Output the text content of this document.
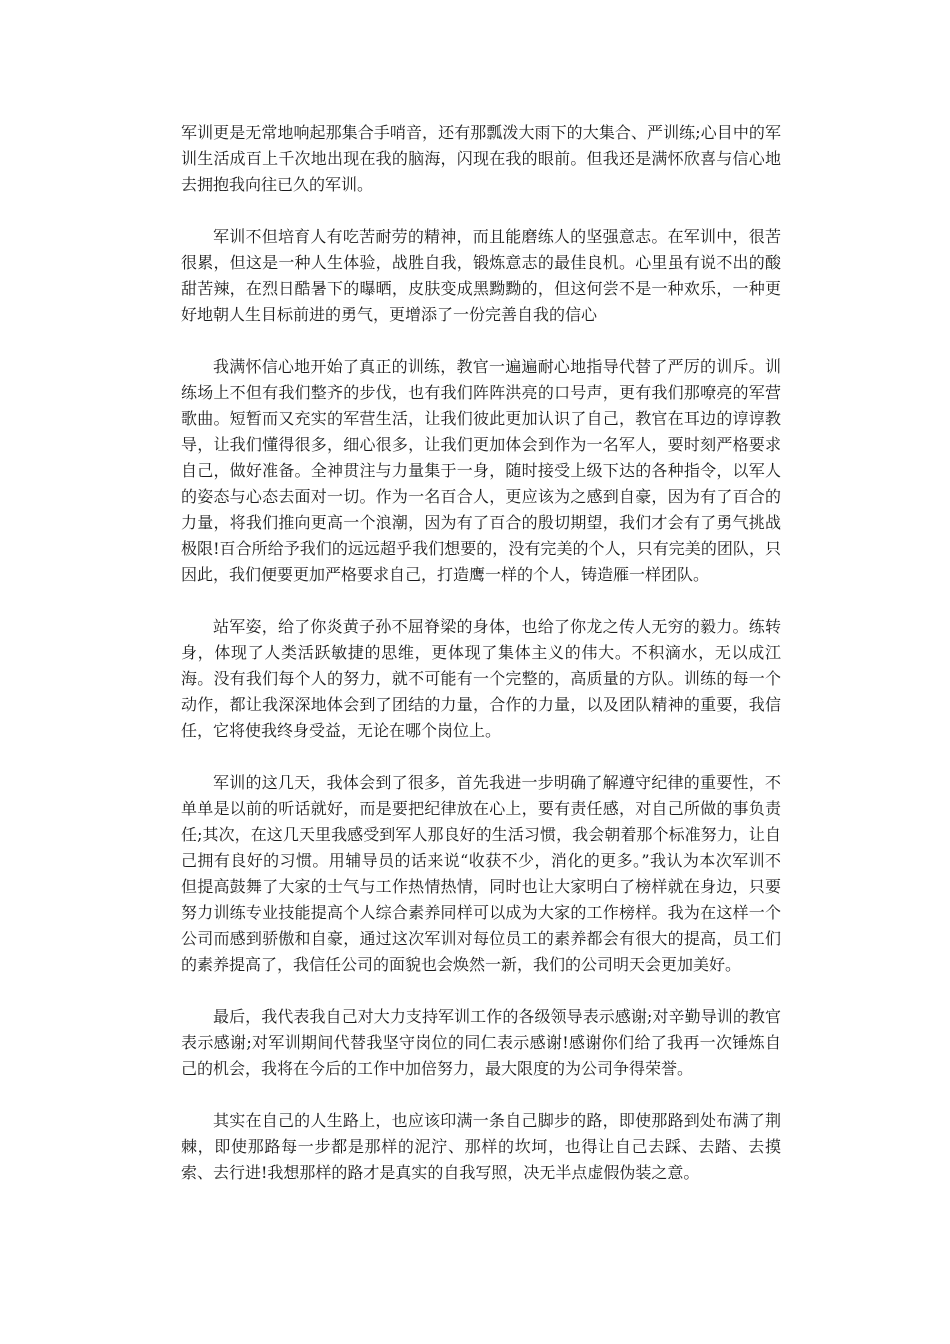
军训更是无常地响起那集合手哨音，还有那瓢泼大雨下的大集合、严训练;心目中的军训生活成百上千次地出现在我的脑海，闪现在我的眼前。但我还是满怀欣喜与信心地去拥抱我向往已久的军训。

军训不但培育人有吃苦耐劳的精神，而且能磨练人的坚强意志。在军训中，很苦很累，但这是一种人生体验，战胜自我，锻炼意志的最佳良机。心里虽有说不出的酸甜苦辣，在烈日酷暑下的曝晒，皮肤变成黑黝黝的，但这何尝不是一种欢乐，一种更好地朝人生目标前进的勇气，更增添了一份完善自我的信心

我满怀信心地开始了真正的训练，教官一遍遍耐心地指导代替了严厉的训斥。训练场上不但有我们整齐的步伐，也有我们阵阵洪亮的口号声，更有我们那嘹亮的军营歌曲。短暂而又充实的军营生活，让我们彼此更加认识了自己，教官在耳边的谆谆教导，让我们懂得很多，细心很多，让我们更加体会到作为一名军人，要时刻严格要求自己，做好准备。全神贯注与力量集于一身，随时接受上级下达的各种指令，以军人的姿态与心态去面对一切。作为一名百合人，更应该为之感到自豪，因为有了百合的力量，将我们推向更高一个浪潮，因为有了百合的殷切期望，我们才会有了勇气挑战极限!百合所给予我们的远远超乎我们想要的，没有完美的个人，只有完美的团队，只因此，我们便要更加严格要求自己，打造鹰一样的个人，铸造雁一样团队。

站军姿，给了你炎黄子孙不屈脊梁的身体，也给了你龙之传人无穷的毅力。练转身，体现了人类活跃敏捷的思维，更体现了集体主义的伟大。不积滴水，无以成江海。没有我们每个人的努力，就不可能有一个完整的，高质量的方队。训练的每一个动作，都让我深深地体会到了团结的力量，合作的力量，以及团队精神的重要，我信任，它将使我终身受益，无论在哪个岗位上。

军训的这几天，我体会到了很多，首先我进一步明确了解遵守纪律的重要性，不单单是以前的听话就好，而是要把纪律放在心上，要有责任感，对自己所做的事负责任;其次，在这几天里我感受到军人那良好的生活习惯，我会朝着那个标准努力，让自己拥有良好的习惯。用辅导员的话来说“收获不少，消化的更多。”我认为本次军训不但提高鼓舞了大家的士气与工作热情热情，同时也让大家明白了榜样就在身边，只要努力训练专业技能提高个人综合素养同样可以成为大家的工作榜样。我为在这样一个公司而感到骄傲和自豪，通过这次军训对每位员工的素养都会有很大的提高，员工们的素养提高了，我信任公司的面貌也会焕然一新，我们的公司明天会更加美好。

最后，我代表我自己对大力支持军训工作的各级领导表示感谢;对辛勤导训的教官表示感谢;对军训期间代替我坚守岗位的同仁表示感谢!感谢你们给了我再一次锤炼自己的机会，我将在今后的工作中加倍努力，最大限度的为公司争得荣誉。

其实在自己的人生路上，也应该印满一条自己脚步的路，即使那路到处布满了荆棘，即使那路每一步都是那样的泥泞、那样的坎坷，也得让自己去踩、去踏、去摸索、去行进!我想那样的路才是真实的自我写照，决无半点虚假伪装之意。
